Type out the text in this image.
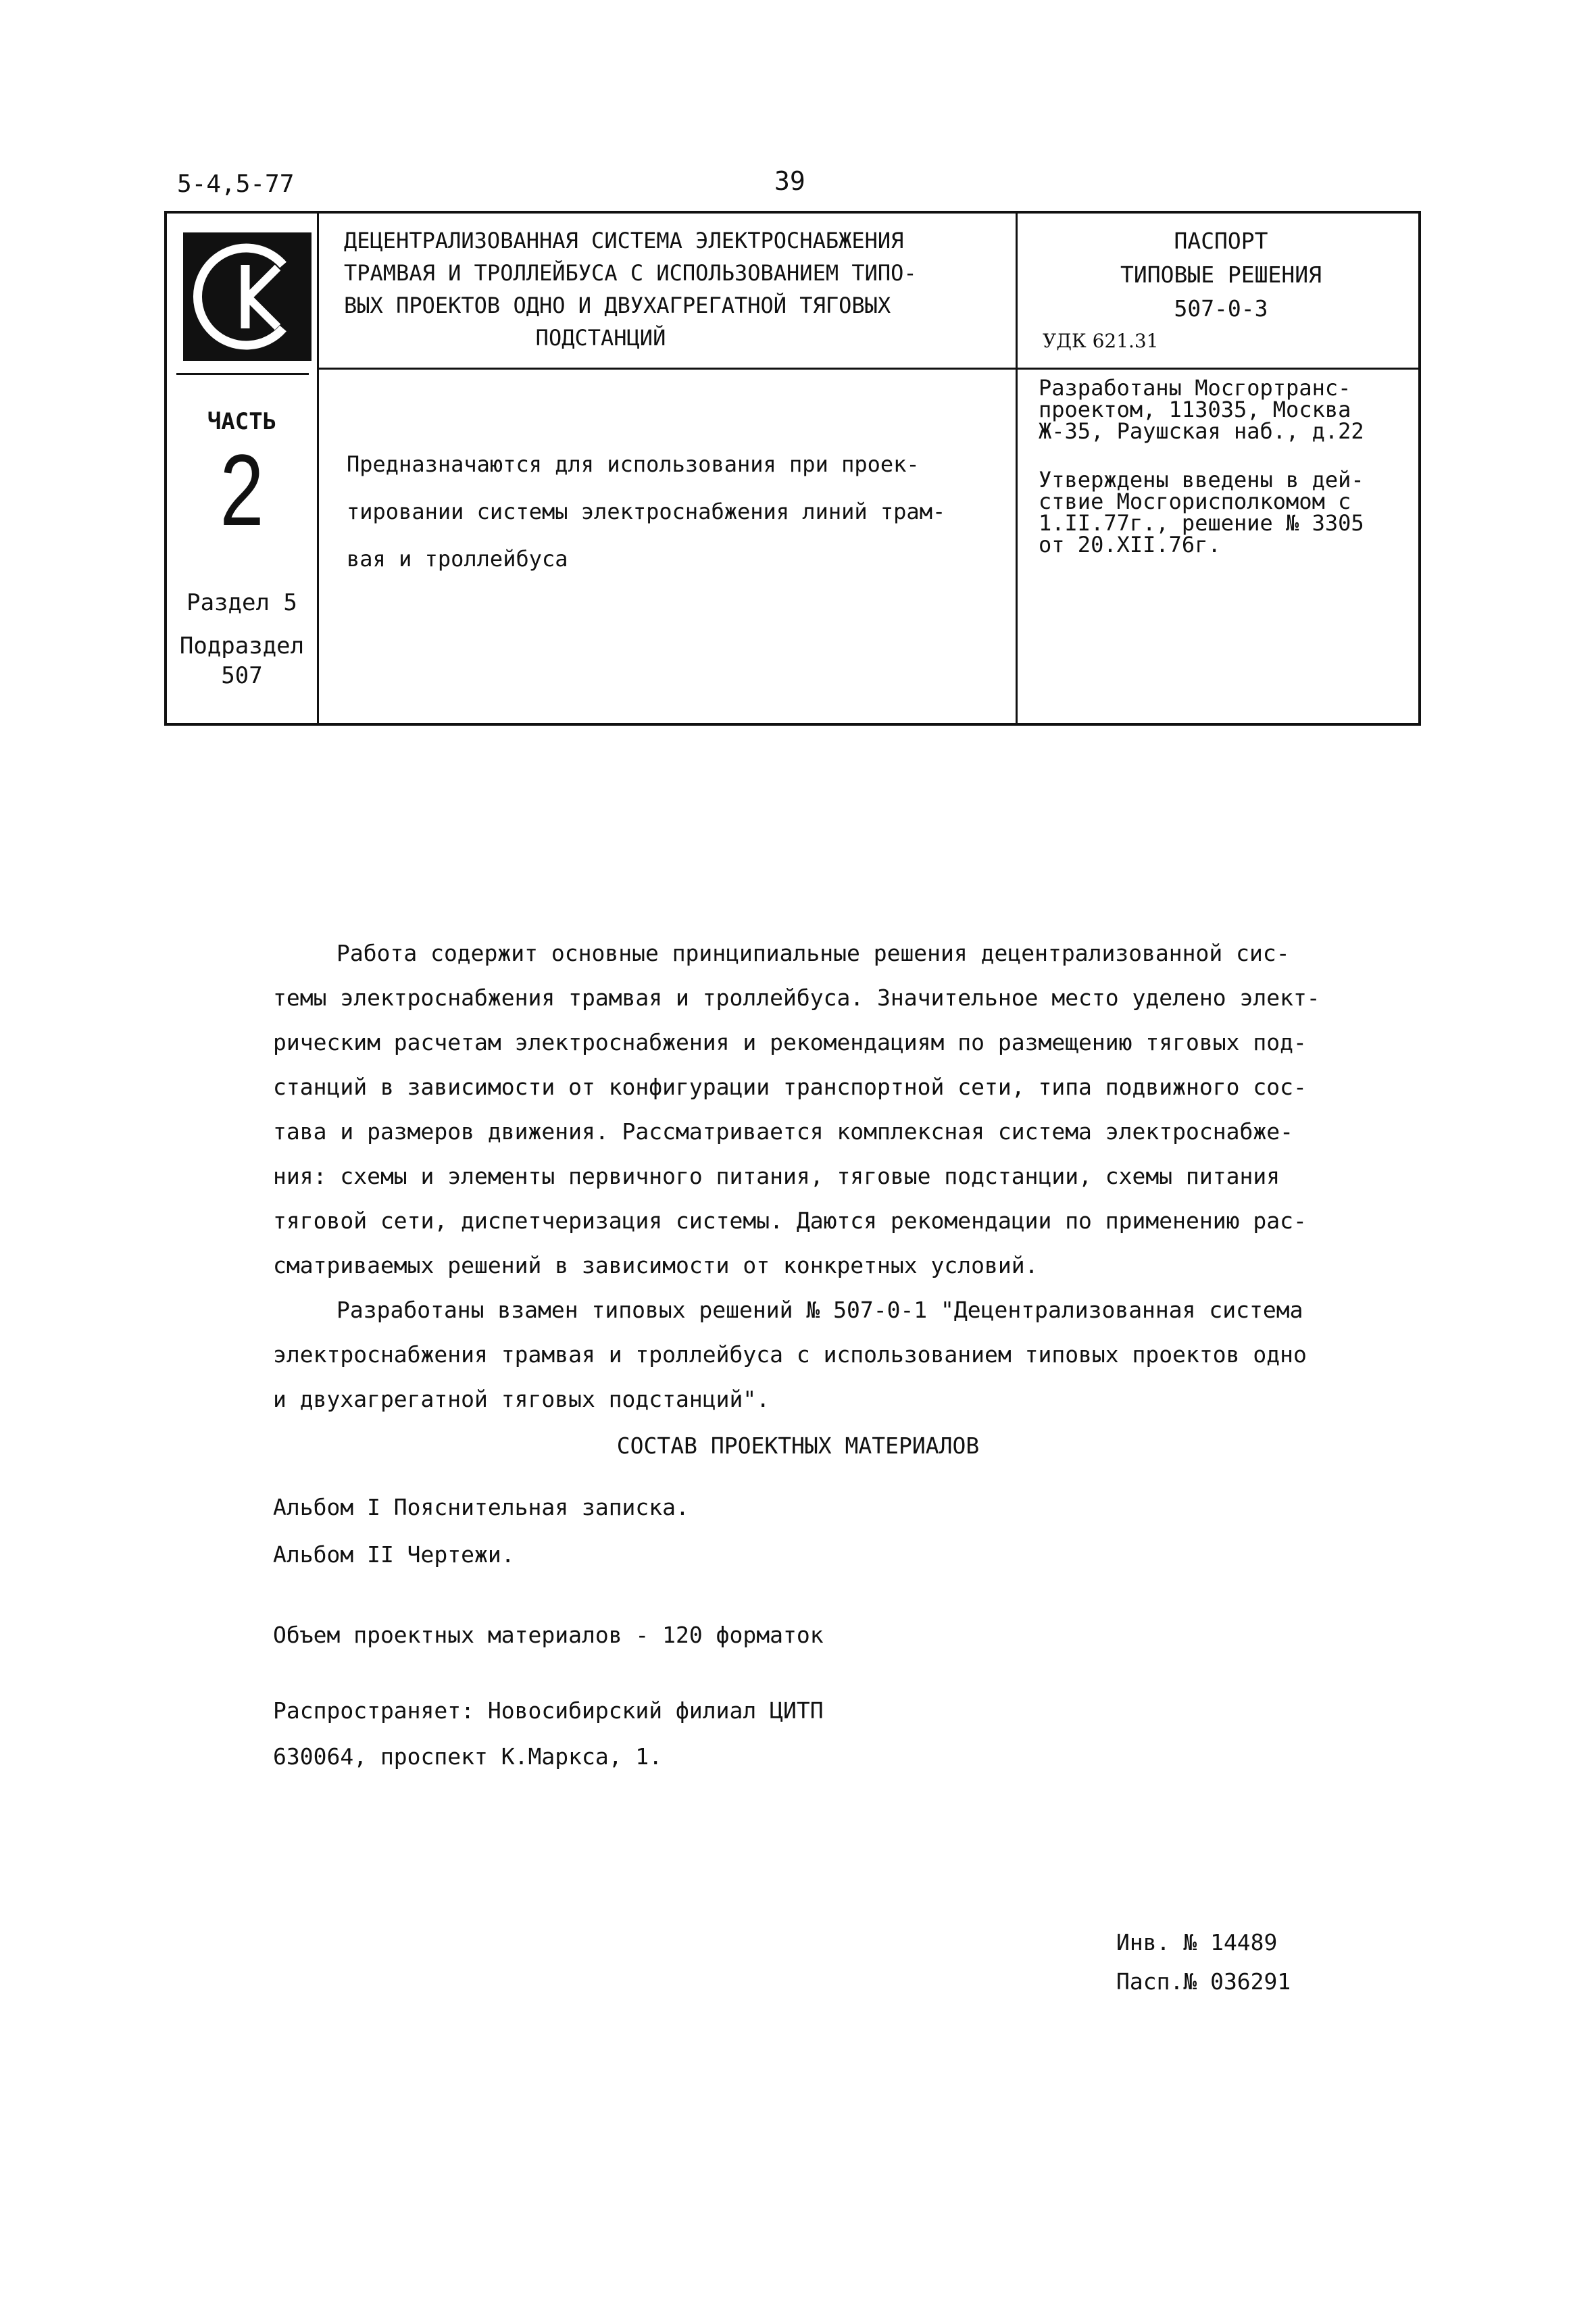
5-4,5-77	39
ДЕЦЕНТРАЛИЗОВАННАЯ СИСТЕМА ЭЛЕКТРОСНАБЖЕНИЯ
ТРАМВАЯ И ТРОЛЛЕЙБУСА С ИСПОЛЬЗОВАНИЕМ ТИПО-
ВЫХ ПРОЕКТОВ ОДНО И ДВУХАГРЕГАТНОЙ ТЯГОВЫХ
ПОДСТАНЦИЙ
ПАСПОРТ
ТИПОВЫЕ РЕШЕНИЯ
507-0-3
УДК 621.31
ЧАСТЬ
2
Раздел 5
Подраздел
507
Предназначаются для использования при проек-
тировании системы электроснабжения линий трам-
вая и троллейбуса
Разработаны Мосгортранс-
проектом, 113035, Москва
Ж-35, Раушская наб., д.22
Утверждены введены в дей-
ствие Мосгорисполкомом с
1.II.77г., решение № 3305
от 20.XII.76г.
Работа содержит основные принципиальные решения децентрализованной сис-
темы электроснабжения трамвая и троллейбуса. Значительное место уделено элект-
рическим расчетам электроснабжения и рекомендациям по размещению тяговых под-
станций в зависимости от конфигурации транспортной сети, типа подвижного сос-
тава и размеров движения. Рассматривается комплексная система электроснабже-
ния: схемы и элементы первичного питания, тяговые подстанции, схемы питания
тяговой сети, диспетчеризация системы. Даются рекомендации по применению рас-
сматриваемых решений в зависимости от конкретных условий.
Разработаны взамен типовых решений № 507-0-1 "Децентрализованная система
электроснабжения трамвая и троллейбуса с использованием типовых проектов одно
и двухагрегатной тяговых подстанций".
СОСТАВ ПРОЕКТНЫХ МАТЕРИАЛОВ
Альбом I Пояснительная записка.
Альбом II Чертежи.
Объем проектных материалов - 120 форматок
Распространяет: Новосибирский филиал ЦИТП
630064, проспект К.Маркса, 1.
Инв. № 14489
Пасп.№ 036291
